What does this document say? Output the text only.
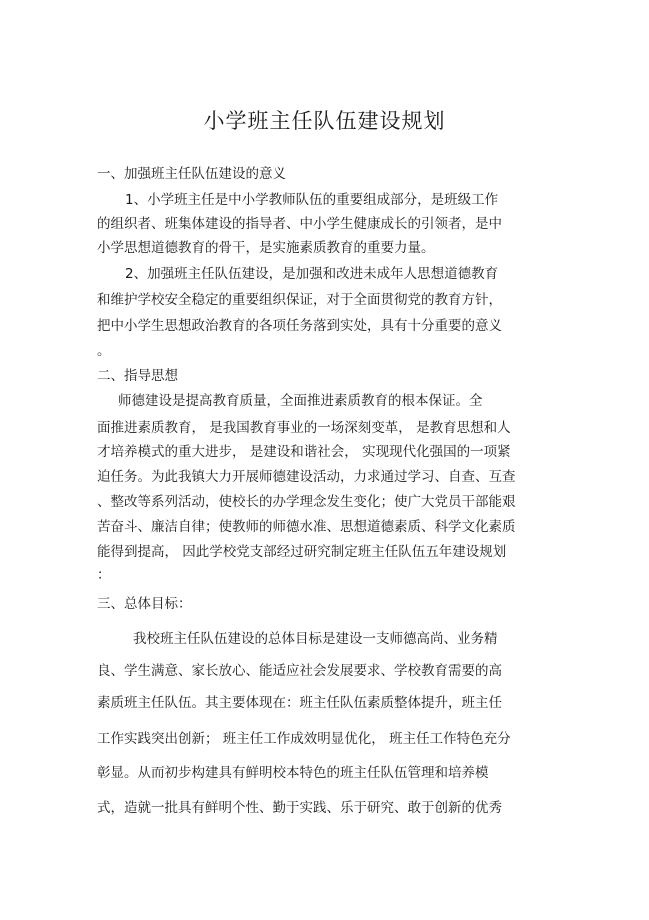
小学班主任队伍建设规划
一、加强班主任队伍建设的意义
1、小学班主任是中小学教师队伍的重要组成部分，是班级工作
的组织者、班集体建设的指导者、中小学生健康成长的引领者，是中
小学思想道德教育的骨干，是实施素质教育的重要力量。
2、加强班主任队伍建设，是加强和改进未成年人思想道德教育
和维护学校安全稳定的重要组织保证，对于全面贯彻党的教育方针，
把中小学生思想政治教育的各项任务落到实处，具有十分重要的意义
。
二、指导思想
师德建设是提高教育质量，全面推进素质教育的根本保证。全
面推进素质教育， 是我国教育事业的一场深刻变革， 是教育思想和人
才培养模式的重大进步， 是建设和谐社会， 实现现代化强国的一项紧
迫任务。为此我镇大力开展师德建设活动，力求通过学习、自查、互查
、整改等系列活动，使校长的办学理念发生变化；使广大党员干部能艰
苦奋斗、廉洁自律；使教师的师德水准、思想道德素质、科学文化素质
能得到提高， 因此学校党支部经过研究制定班主任队伍五年建设规划
：
三、总体目标：
我校班主任队伍建设的总体目标是建设一支师德高尚、业务精
良、学生满意、家长放心、能适应社会发展要求、学校教育需要的高
素质班主任队伍。其主要体现在：班主任队伍素质整体提升，班主任
工作实践突出创新； 班主任工作成效明显优化， 班主任工作特色充分
彰显。从而初步构建具有鲜明校本特色的班主任队伍管理和培养模
式，造就一批具有鲜明个性、勤于实践、乐于研究、敢于创新的优秀
